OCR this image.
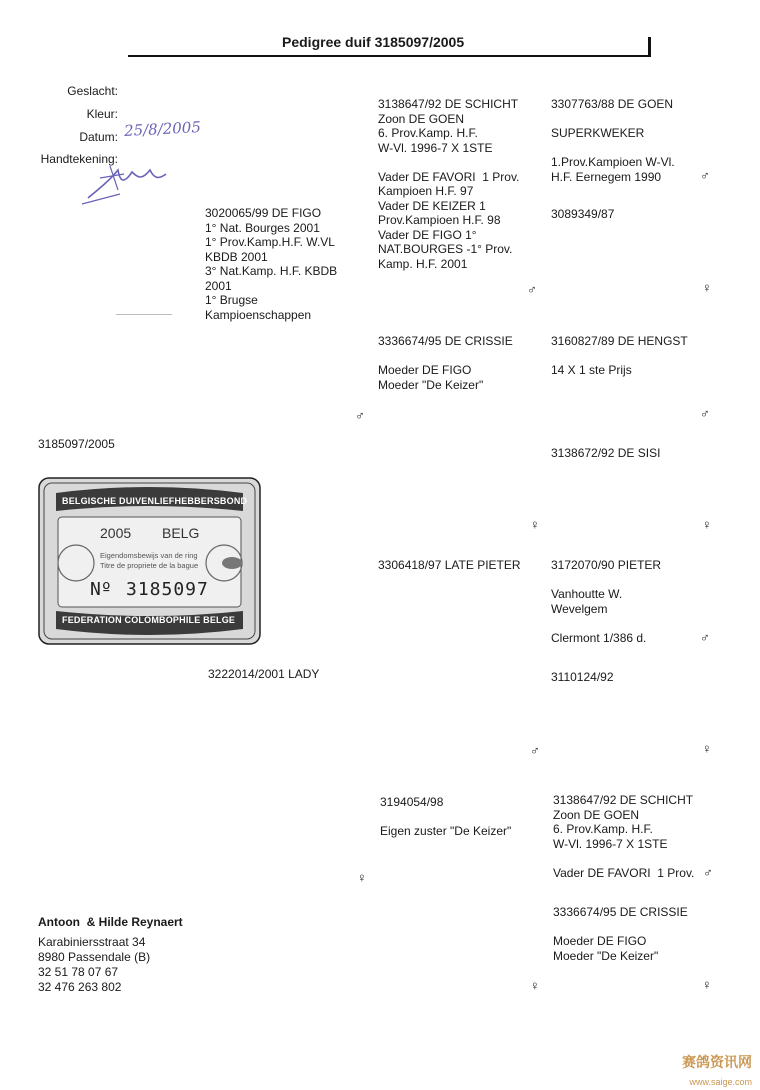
Pedigree duif 3185097/2005
Geslacht:
Kleur:
Datum:
Handtekening:
25/8/2005
3185097/2005
BELGISCHE DUIVENLIEFHEBBERSBOND
2005 BELG
Eigendomsbewijs van de ring
Titre de propriete de la bague
Nº 3185097
FEDERATION COLOMBOPHILE BELGE
3020065/99 DE FIGO
1° Nat. Bourges 2001
1° Prov.Kamp.H.F. W.VL
KBDB 2001
3° Nat.Kamp. H.F. KBDB
2001
1° Brugse
Kampioenschappen
♂
3222014/2001 LADY
♀
3138647/92 DE SCHICHT
Zoon DE GOEN
6. Prov.Kamp. H.F.
W-Vl. 1996-7 X 1STE

Vader DE FAVORI  1 Prov.
Kampioen H.F. 97
Vader DE KEIZER 1
Prov.Kampioen H.F. 98
Vader DE FIGO 1°
NAT.BOURGES -1° Prov.
Kamp. H.F. 2001
♂
3336674/95 DE CRISSIE

Moeder DE FIGO
Moeder "De Keizer"
♀
3306418/97 LATE PIETER
♂
3194054/98

Eigen zuster "De Keizer"
♀
3307763/88 DE GOEN

SUPERKWEKER

1.Prov.Kampioen W-Vl.
H.F. Eernegem 1990	♂
3089349/87
♀
3160827/89 DE HENGST

14 X 1 ste Prijs
♂
3138672/92 DE SISI
♀
3172070/90 PIETER

Vanhoutte W.
Wevelgem

Clermont 1/386 d.	♂
3110124/92
♀
3138647/92 DE SCHICHT
Zoon DE GOEN
6. Prov.Kamp. H.F.
W-Vl. 1996-7 X 1STE

Vader DE FAVORI  1 Prov. ♂
3336674/95 DE CRISSIE

Moeder DE FIGO
Moeder "De Keizer"
♀
Antoon  & Hilde Reynaert
Karabiniersstraat 34
8980 Passendale (B)
32 51 78 07 67
32 476 263 802
赛鸽资讯网
www.saige.com
